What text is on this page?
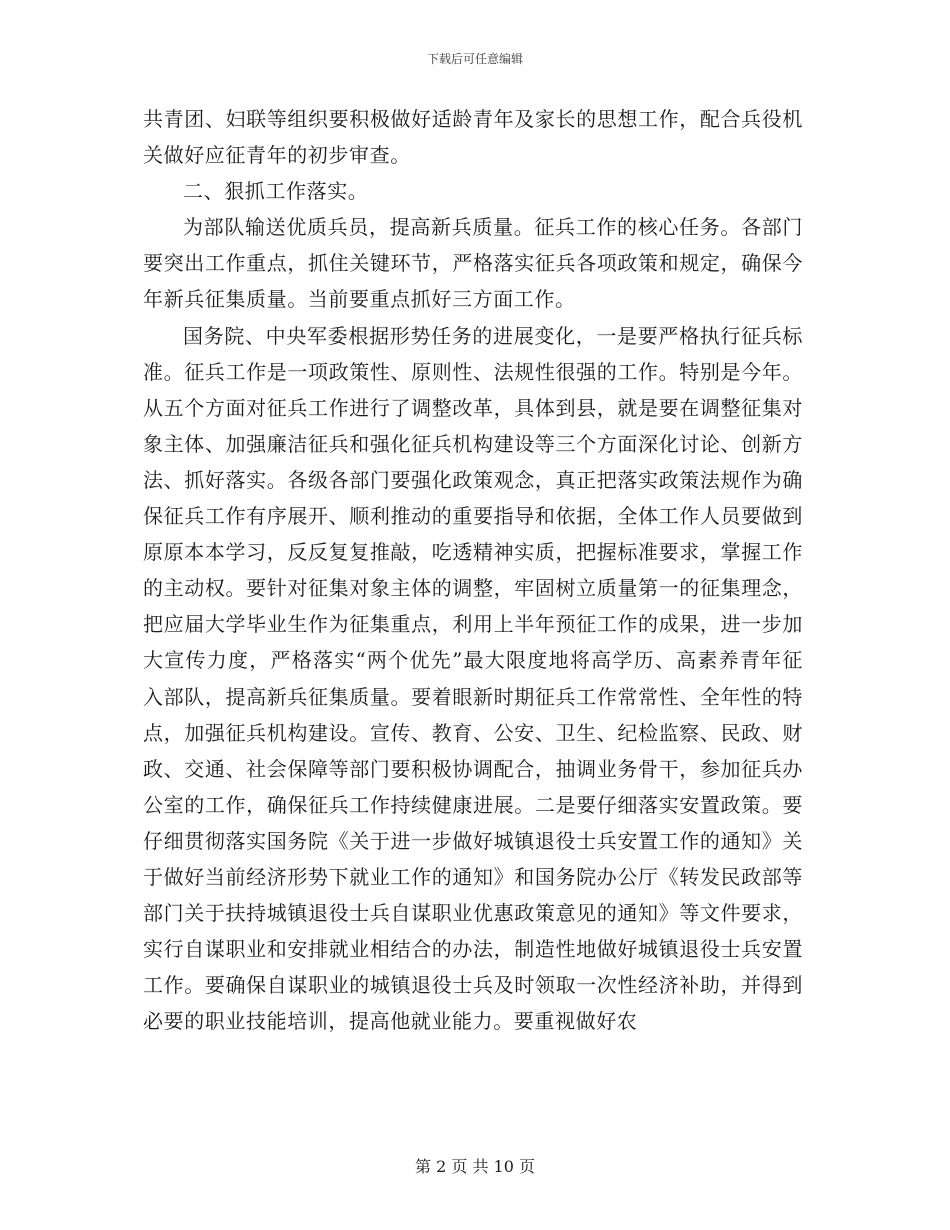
下载后可任意编辑

共青团、妇联等组织要积极做好适龄青年及家长的思想工作，配合兵役机关做好应征青年的初步审查。

二、狠抓工作落实。

为部队输送优质兵员，提高新兵质量。征兵工作的核心任务。各部门要突出工作重点，抓住关键环节，严格落实征兵各项政策和规定，确保今年新兵征集质量。当前要重点抓好三方面工作。

国务院、中央军委根据形势任务的进展变化，一是要严格执行征兵标准。征兵工作是一项政策性、原则性、法规性很强的工作。特别是今年。从五个方面对征兵工作进行了调整改革，具体到县，就是要在调整征集对象主体、加强廉洁征兵和强化征兵机构建设等三个方面深化讨论、创新方法、抓好落实。各级各部门要强化政策观念，真正把落实政策法规作为确保征兵工作有序展开、顺利推动的重要指导和依据，全体工作人员要做到原原本本学习，反反复复推敲，吃透精神实质，把握标准要求，掌握工作的主动权。要针对征集对象主体的调整，牢固树立质量第一的征集理念，把应届大学毕业生作为征集重点，利用上半年预征工作的成果，进一步加大宣传力度，严格落实“两个优先”最大限度地将高学历、高素养青年征入部队，提高新兵征集质量。要着眼新时期征兵工作常常性、全年性的特点，加强征兵机构建设。宣传、教育、公安、卫生、纪检监察、民政、财政、交通、社会保障等部门要积极协调配合，抽调业务骨干，参加征兵办公室的工作，确保征兵工作持续健康进展。二是要仔细落实安置政策。要仔细贯彻落实国务院《关于进一步做好城镇退役士兵安置工作的通知》关于做好当前经济形势下就业工作的通知》和国务院办公厅《转发民政部等部门关于扶持城镇退役士兵自谋职业优惠政策意见的通知》等文件要求，实行自谋职业和安排就业相结合的办法，制造性地做好城镇退役士兵安置工作。要确保自谋职业的城镇退役士兵及时领取一次性经济补助，并得到必要的职业技能培训，提高他就业能力。要重视做好农

第 2 页 共 10 页
